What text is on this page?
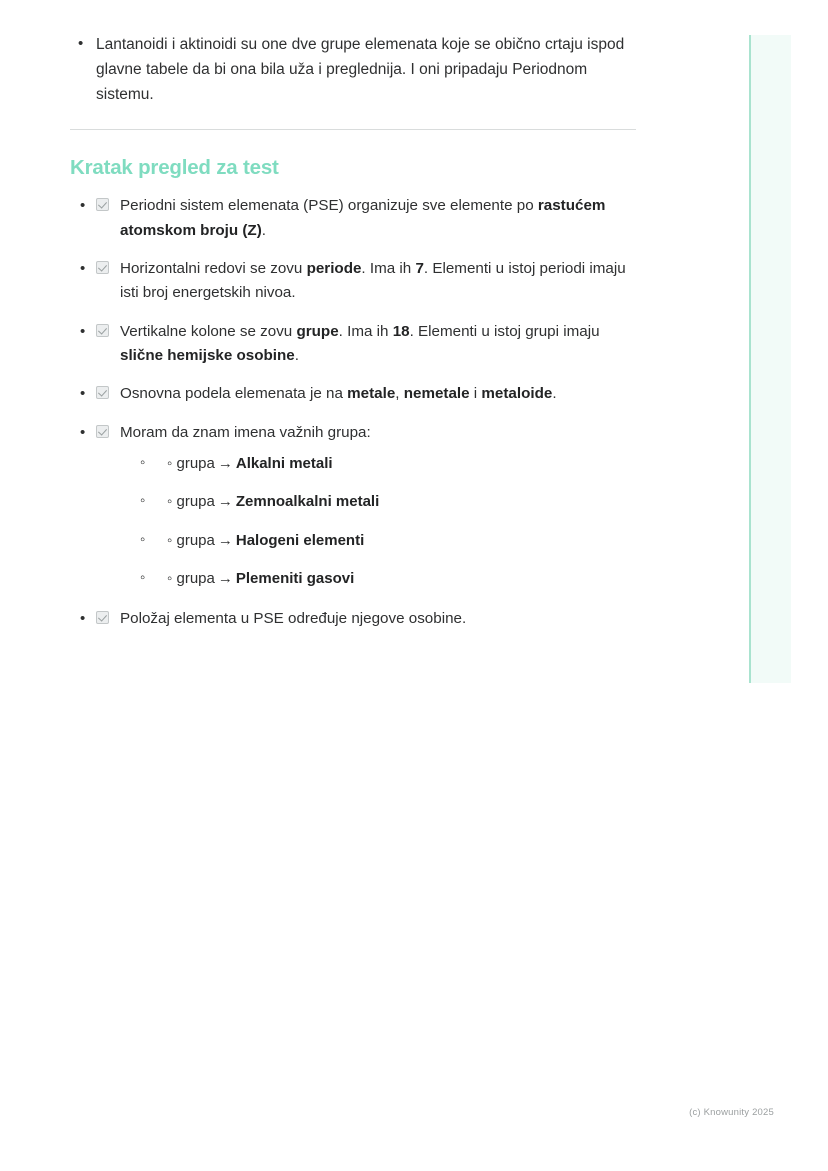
• Lantanoidi i aktinoidi su one dve grupe elemenata koje se obično crtaju ispod glavne tabele da bi ona bila uža i preglednija. I oni pripadaju Periodnom sistemu.
Kratak pregled za test
• Periodni sistem elemenata (PSE) organizuje sve elemente po rastućem atomskom broju (Z).
• Horizontalni redovi se zovu periode. Ima ih 7. Elementi u istoj periodi imaju isti broj energetskih nivoa.
• Vertikalne kolone se zovu grupe. Ima ih 18. Elementi u istoj grupi imaju slične hemijske osobine.
• Osnovna podela elemenata je na metale, nemetale i metaloide.
• Moram da znam imena važnih grupa:
◦ ◦ grupa → Alkalni metali
◦ ◦ grupa → Zemnoalkalni metali
◦ ◦ grupa → Halogeni elementi
◦ ◦ grupa → Plemeniti gasovi
• Položaj elementa u PSE određuje njegove osobine.
(c) Knowunity 2025
